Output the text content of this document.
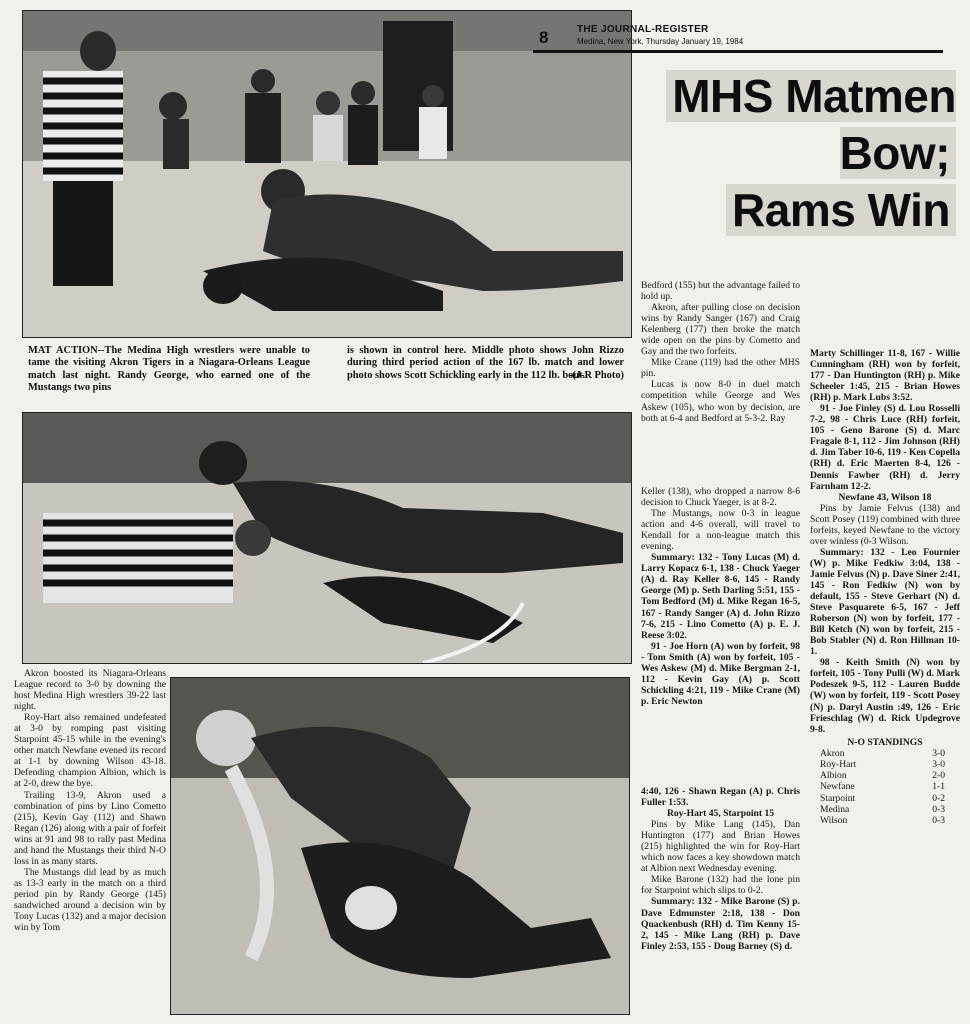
8	THE JOURNAL-REGISTER
Medina, New York, Thursday January 19, 1984
MHS Matmen Bow;
Rams Win
MAT ACTION--The Medina High wrestlers were unable to tame the visiting Akron Tigers in a Niagara-Orleans League match last night. Randy George, who earned one of the Mustangs two pins
is shown in control here. Middle photo shows John Rizzo during third period action of the 167 lb. match and lower photo shows Scott Schickling early in the 112 lb. bout.
-(J-R Photo)

Akron boosted its Niagara-Orleans League record to 3-0 by downing the host Medina High wrestlers 39-22 last night.

Roy-Hart also remained undefeated at 3-0 by romping past visiting Starpoint 45-15 while in the evening's other match Newfane evened its record at 1-1 by downing Wilson 43-18. Defending champion Albion, which is at 2-0, drew the bye.

Trailing 13-9, Akron used a combination of pins by Lino Cometto (215), Kevin Gay (112) and Shawn Regan (126) along with a pair of forfeit wins at 91 and 98 to rally past Medina and hand the Mustangs their third N-O loss in as many starts.

The Mustangs did lead by as much as 13-3 early in the match on a third period pin by Randy George (145) sandwiched around a decision win by Tony Lucas (132) and a major decision win by Tom

Bedford (155) but the advantage failed to hold up.

Akron, after pulling close on decision wins by Randy Sanger (167) and Craig Kelenberg (177) then broke the match wide open on the pins by Cometto and Gay and the two forfeits.

Mike Crane (119) had the other MHS pin.

Lucas is now 8-0 in duel match competition while George and Wes Askew (105), who won by decision, are both at 6-4 and Bedford at 5-3-2. Ray

Keller (138), who dropped a narrow 8-6 decision to Chuck Yaeger, is at 8-2.

The Mustangs, now 0-3 in league action and 4-6 overall, will travel to Kendall for a non-league match this evening.

Summary: 132 - Tony Lucas (M) d. Larry Kopacz 6-1, 138 - Chuck Yaeger (A) d. Ray Keller 8-6, 145 - Randy George (M) p. Seth Darling 5:51, 155 - Tom Bedford (M) d. Mike Regan 16-5, 167 - Randy Sanger (A) d. John Rizzo 7-6, 215 - Lino Cometto (A) p. E. J. Reese 3:02.

91 - Joe Horn (A) won by forfeit, 98 - Tom Smith (A) won by forfeit, 105 - Wes Askew (M) d. Mike Bergman 2-1, 112 - Kevin Gay (A) p. Scott Schickling 4:21, 119 - Mike Crane (M) p. Eric Newton

4:40, 126 - Shawn Regan (A) p. Chris Fuller 1:53.

Roy-Hart 45, Starpoint 15

Pins by Mike Lang (145), Dan Huntington (177) and Brian Howes (215) highlighted the win for Roy-Hart which now faces a key showdown match at Albion next Wednesday evening.

Mike Barone (132) had the lone pin for Starpoint which slips to 0-2.

Summary: 132 - Mike Barone (S) p. Dave Edmunster 2:18, 138 - Don Quackenbush (RH) d. Tim Kenny 15-2, 145 - Mike Lang (RH) p. Dave Finley 2:53, 155 - Doug Barney (S) d.

Marty Schillinger 11-8, 167 - Willie Cunningham (RH) won by forfeit, 177 - Dan Huntington (RH) p. Mike Scheeler 1:45, 215 - Brian Howes (RH) p. Mark Lubs 3:52.

91 - Joe Finley (S) d. Lou Rosselli 7-2, 98 - Chris Luce (RH) forfeit, 105 - Geno Barone (S) d. Marc Fragale 8-1, 112 - Jim Johnson (RH) d. Jim Taber 10-6, 119 - Ken Copella (RH) d. Eric Maerten 8-4, 126 - Dennis Fawber (RH) d. Jerry Farnham 12-2.

Newfane 43, Wilson 18

Pins by Jamie Felvus (138) and Scott Posey (119) combined with three forfeits, keyed Newfane to the victory over winless (0-3 Wilson.

Summary: 132 - Leo Fournier (W) p. Mike Fedkiw 3:04, 138 - Jamie Felvus (N) p. Dave Siner 2:41, 145 - Ron Fedkiw (N) won by default, 155 - Steve Gerhart (N) d. Steve Pasquarete 6-5, 167 - Jeff Roberson (N) won by forfeit, 177 - Bill Ketch (N) won by forfeit, 215 - Bob Stabler (N) d. Ron Hillman 10-1.

98 - Keith Smith (N) won by forfeit, 105 - Tony Pulli (W) d. Mark Podeszek 9-5, 112 - Lauren Budde (W) won by forfeit, 119 - Scott Posey (N) p. Daryl Austin :49, 126 - Eric Frieschlag (W) d. Rick Updegrove 9-8.

N-O STANDINGS
Akron	3-0
Roy-Hart	3-0
Albion	2-0
Newfane	1-1
Starpoint	0-2
Medina	0-3
Wilson	0-3
